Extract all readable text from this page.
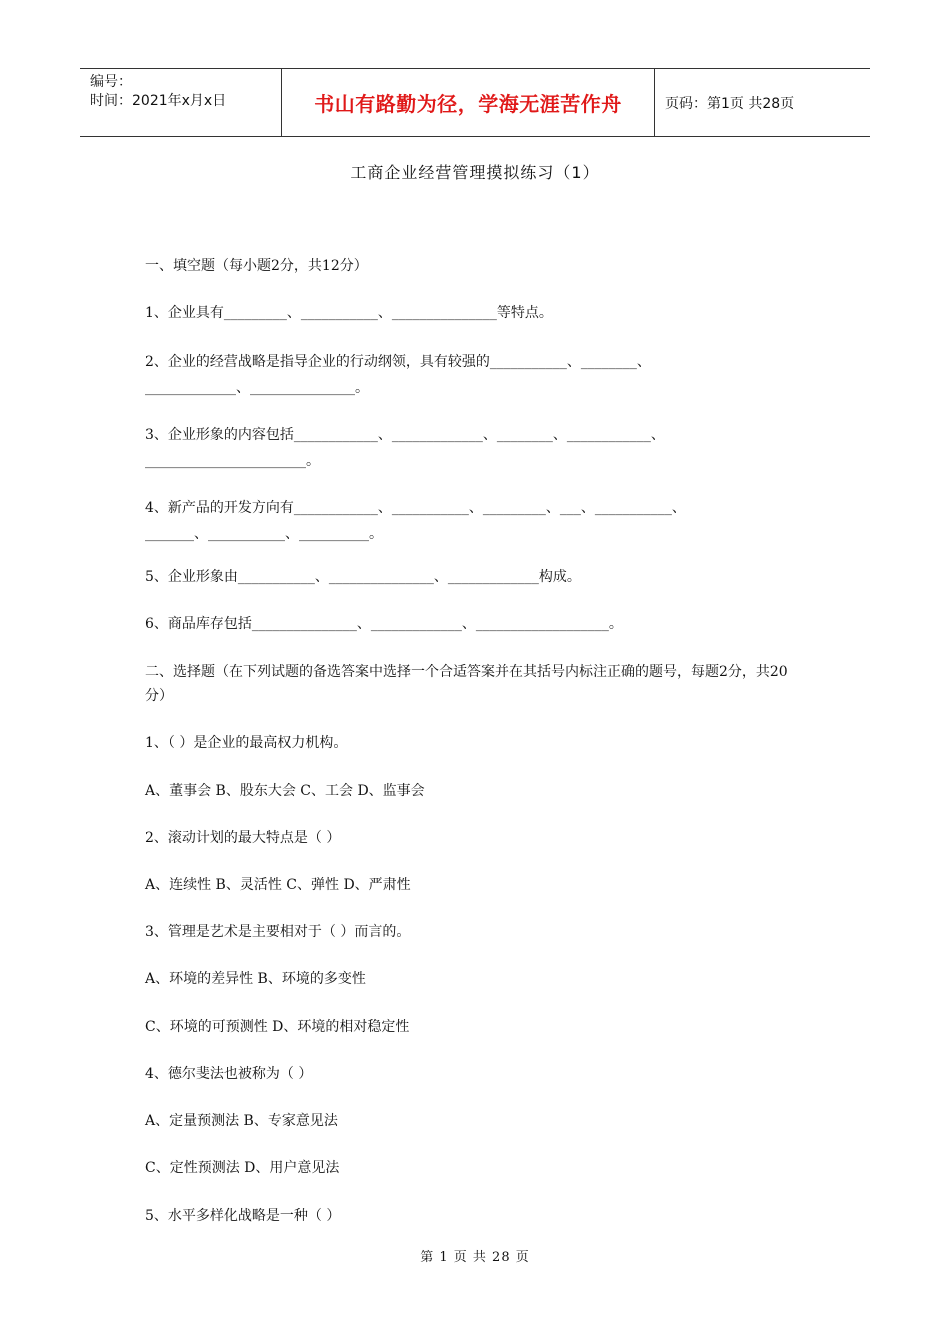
编号：
时间：2021年x月x日	书山有路勤为径，学海无涯苦作舟	页码：第1页 共28页
工商企业经营管理摸拟练习（1）
一、填空题（每小题2分，共12分）
1、企业具有_________、___________、_______________等特点。
2、企业的经营战略是指导企业的行动纲领，具有较强的___________、________、
_____________、_______________。
3、企业形象的内容包括____________、_____________、________、____________、
_______________________。
4、新产品的开发方向有____________、___________、_________、___、___________、
_______、___________、__________。
5、企业形象由___________、_______________、_____________构成。
6、商品库存包括_______________、_____________、___________________。
二、选择题（在下列试题的备选答案中选择一个合适答案并在其括号内标注正确的题号，每题2分，共20分）
1、（ ）是企业的最高权力机构。
A、董事会 B、股东大会 C、工会 D、监事会
2、滚动计划的最大特点是（ ）
A、连续性 B、灵活性 C、弹性 D、严肃性
3、管理是艺术是主要相对于（ ）而言的。
A、环境的差异性 B、环境的多变性
C、环境的可预测性 D、环境的相对稳定性
4、德尔斐法也被称为（ ）
A、定量预测法 B、专家意见法
C、定性预测法 D、用户意见法
5、水平多样化战略是一种（ ）
第 1 页 共 28 页
